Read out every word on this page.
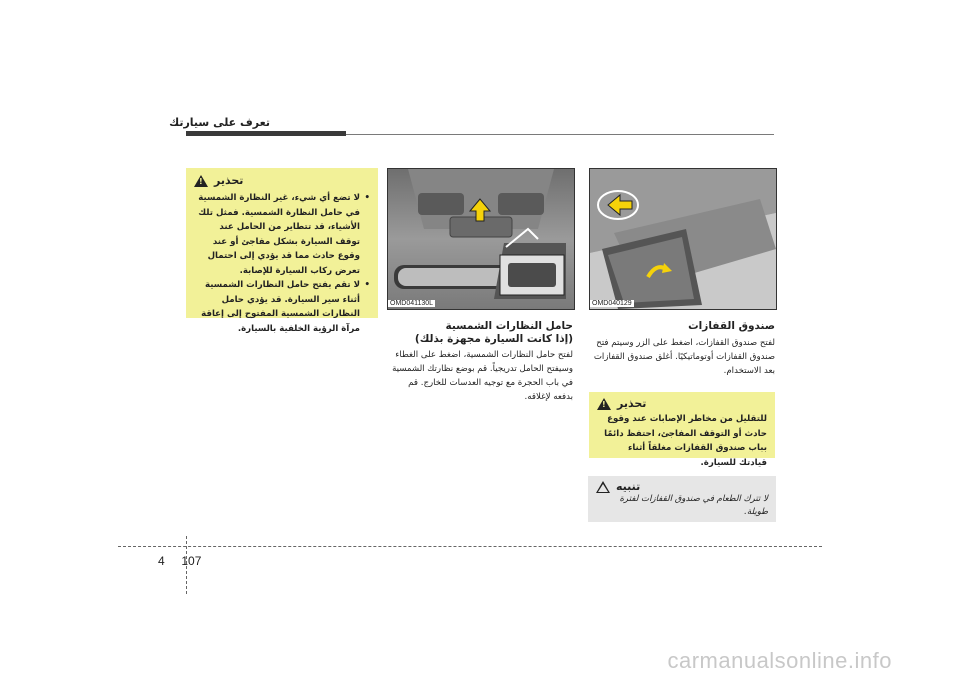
تعرف على سيارتك
تحذير
!

• لا تضع أي شيء، غير النظارة الشمسية في حامل النظارة الشمسية. فمثل تلك الأشياء، قد تتطاير من الحامل عند توقف السيارة بشكل مفاجئ أو عند وقوع حادث مما قد يؤدي إلى احتمال تعرض ركاب السيارة للإصابة.

• لا تقم بفتح حامل النظارات الشمسية أثناء سير السيارة. قد يؤدي حامل النظارات الشمسية المفتوح إلى إعاقة مرآة الرؤية الخلفية بالسيارة.

OMD041130L	OMD040129
حامل النظارات الشمسية
(إذا كانت السيارة مجهزة بذلك)
لفتح حامل النظارات الشمسية، اضغط على الغطاء وسيفتح الحامل تدريجياً. قم بوضع نظارتك الشمسية في باب الحجرة مع توجيه العدسات للخارج. قم بدفعه لإغلاقه.
صندوق القفازات
لفتح صندوق القفازات، اضغط على الزر وسيتم فتح صندوق القفازات أوتوماتيكيًا. أغلق صندوق القفازات بعد الاستخدام.
تحذير
!

للتقليل من مخاطر الإصابات عند وقوع حادث أو التوقف المفاجئ، احتفظ دائمًا بباب صندوق القفازات مغلقاً أثناء قيادتك للسيارة.

تنبيه
لا تترك الطعام في صندوق القفازات لفترة طويلة.
4 107
carmanualsonline.info
